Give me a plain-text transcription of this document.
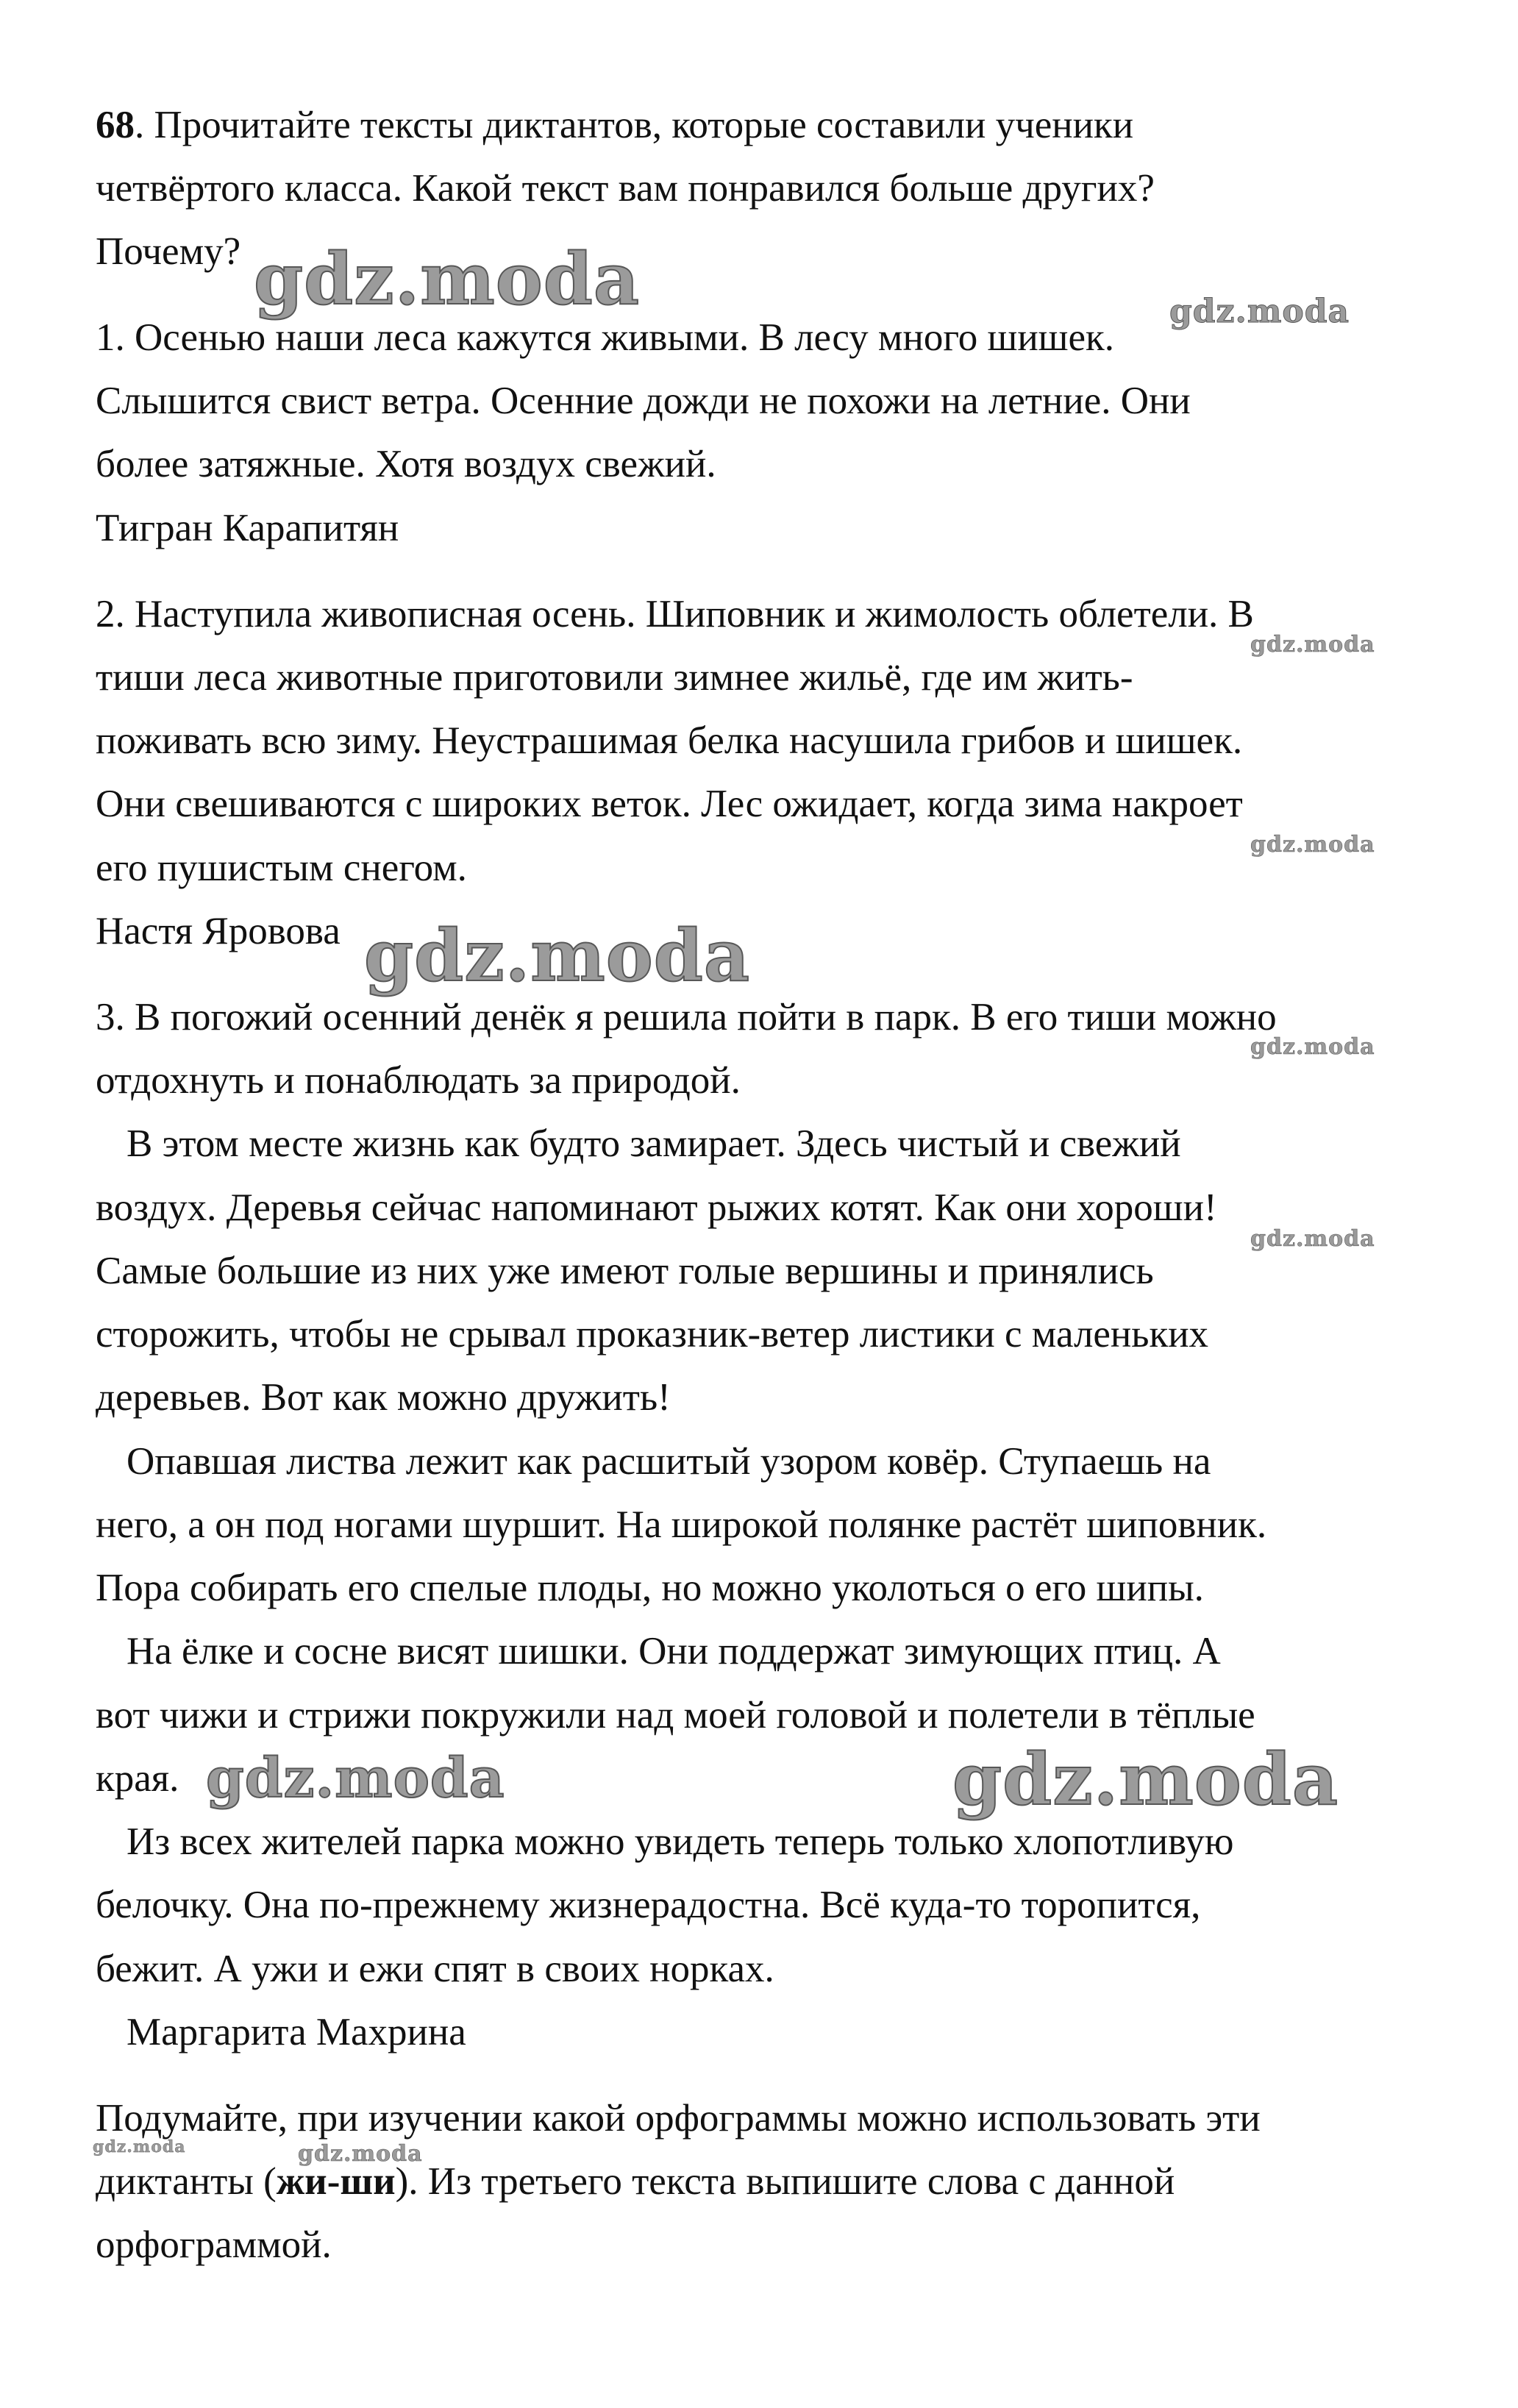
68. Прочитайте тексты диктантов, которые составили ученики

четвёртого класса. Какой текст вам понравился больше других?

Почему?

1. Осенью наши леса кажутся живыми. В лесу много шишек.

Слышится свист ветра. Осенние дожди не похожи на летние. Они

более затяжные. Хотя воздух свежий.

Тигран Карапитян

2. Наступила живописная осень. Шиповник и жимолость облетели. В

тиши леса животные приготовили зимнее жильё, где им жить-

поживать всю зиму. Неустрашимая белка насушила грибов и шишек.

Они свешиваются с широких веток. Лес ожидает, когда зима накроет

его пушистым снегом.

Настя Яровова

3. В погожий осенний денёк я решила пойти в парк. В его тиши можно

отдохнуть и понаблюдать за природой.

В этом месте жизнь как будто замирает. Здесь чистый и свежий

воздух. Деревья сейчас напоминают рыжих котят. Как они хороши!

Самые большие из них уже имеют голые вершины и принялись

сторожить, чтобы не срывал проказник-ветер листики с маленьких

деревьев. Вот как можно дружить!

Опавшая листва лежит как расшитый узором ковёр. Ступаешь на

него, а он под ногами шуршит. На широкой полянке растёт шиповник.

Пора собирать его спелые плоды, но можно уколоться о его шипы.

На ёлке и сосне висят шишки. Они поддержат зимующих птиц. А

вот чижи и стрижи покружили над моей головой и полетели в тёплые

края.

Из всех жителей парка можно увидеть теперь только хлопотливую

белочку. Она по-прежнему жизнерадостна. Всё куда-то торопится,

бежит. А ужи и ежи спят в своих норках.

Маргарита Махрина

Подумайте, при изучении какой орфограммы можно использовать эти

диктанты (жи-ши). Из третьего текста выпишите слова с данной

орфограммой.

gdz.moda	gdz.moda
gdz.moda
gdz.moda
gdz.moda
gdz.moda
gdz.moda
gdz.moda	gdz.moda
gdz.moda	gdz.moda
